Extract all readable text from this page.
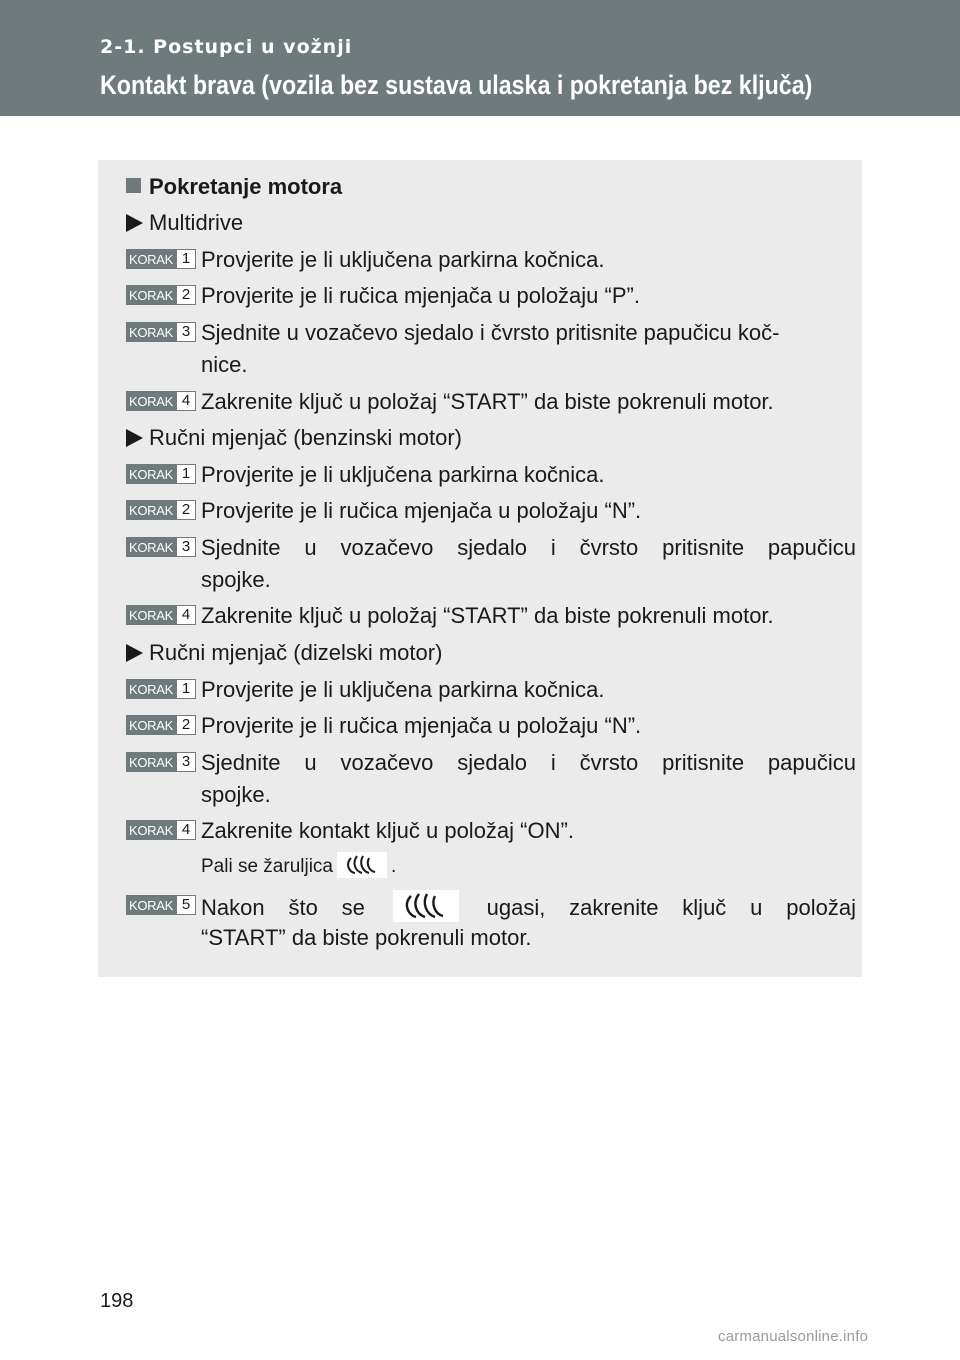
2-1. Postupci u vožnji
Kontakt brava (vozila bez sustava ulaska i pokretanja bez ključa)
Pokretanje motora
Multidrive
KORAK 1 Provjerite je li uključena parkirna kočnica.
KORAK 2 Provjerite je li ručica mjenjača u položaju “P”.
KORAK 3 Sjednite u vozačevo sjedalo i čvrsto pritisnite papučicu koč-
nice.
KORAK 4 Zakrenite ključ u položaj “START” da biste pokrenuli motor.
Ručni mjenjač (benzinski motor)
KORAK 1 Provjerite je li uključena parkirna kočnica.
KORAK 2 Provjerite je li ručica mjenjača u položaju “N”.
KORAK 3 Sjednite u vozačevo sjedalo i čvrsto pritisnite papučicu
spojke.
KORAK 4 Zakrenite ključ u položaj “START” da biste pokrenuli motor.
Ručni mjenjač (dizelski motor)
KORAK 1 Provjerite je li uključena parkirna kočnica.
KORAK 2 Provjerite je li ručica mjenjača u položaju “N”.
KORAK 3 Sjednite u vozačevo sjedalo i čvrsto pritisnite papučicu
spojke.
KORAK 4 Zakrenite kontakt ključ u položaj “ON”.
Pali se žaruljica	.
KORAK 5 Nakon što se	ugasi, zakrenite ključ u položaj
“START” da biste pokrenuli motor.
198
carmanualsonline.info
